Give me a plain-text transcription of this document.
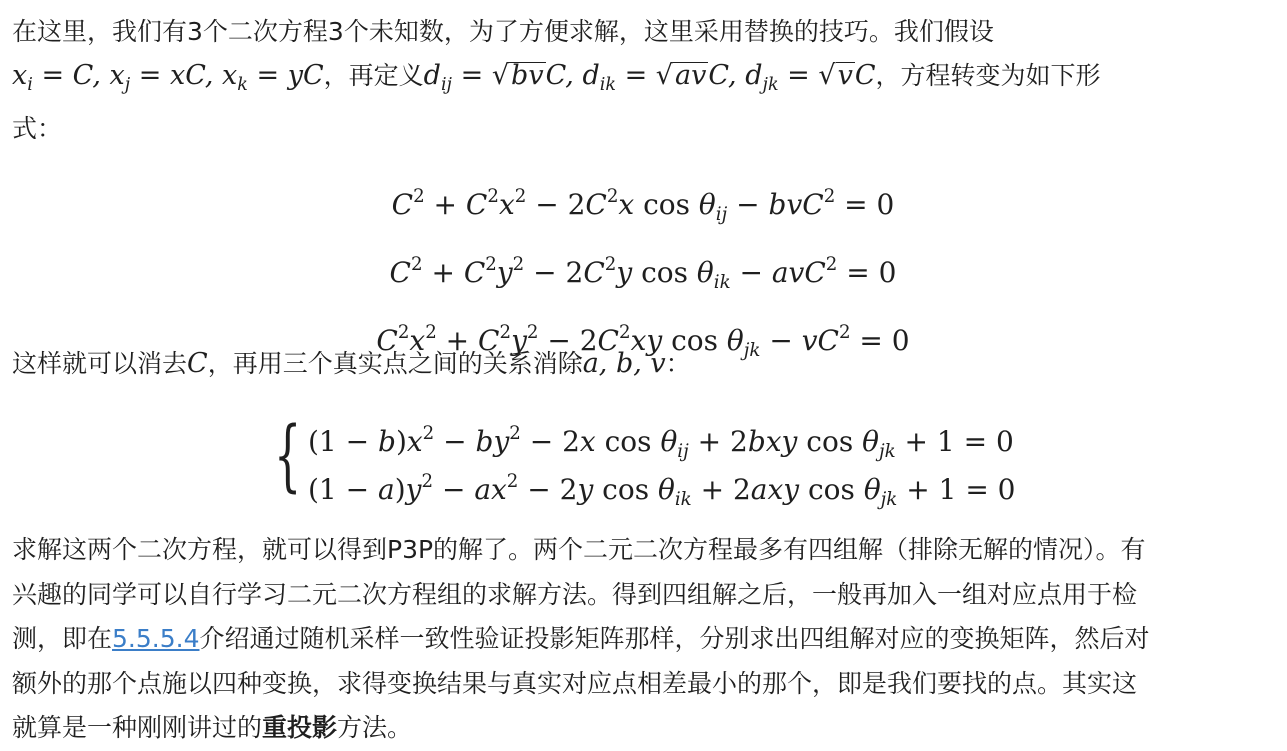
在这里，我们有3个二次方程3个未知数，为了方便求解，这里采用替换的技巧。我们假设

$x_i = C$, $x_j$ = xC, $x_k$ = yC，再定义$d_{ij} = √bvC$, $d_{ik} = √avC$, $d_{jk} = √vC$，方程转变为如下形

式：

$C^2 + C^2x^2 - 2C^2x$ $\cos \theta_{ij} - bvC^2 = 0$
$C^2 + C^2y^2 - 2C^2y$ $\cos \theta_{ik} - avC^2 = 0$
$C^2x^2 + C^2y^2 - 2C^2xy$ $\cos \theta_{jk} - vC^2 = 0$

这样就可以消去C，再用三个真实点之间的关系消除a, b, v：

{ $(1 - b)x^2 - by^2 - 2x$ $\cos \theta_{ij} + 2bxy$ $\cos \theta_{jk} + 1 = 0$
$(1 - a)y^2 - ax^2 - 2y$ $\cos \theta_{ik} + 2axy$ $\cos \theta_{jk} + 1 = 0$

求解这两个二次方程，就可以得到P3P的解了。两个二元二次方程最多有四组解（排除无解的情况）。有

兴趣的同学可以自行学习二元二次方程组的求解方法。得到四组解之后，一般再加入一组对应点用于检

测，即在5.5.5.4介绍通过随机采样一致性验证投影矩阵那样，分别求出四组解对应的变换矩阵，然后对

额外的那个点施以四种变换，求得变换结果与真实对应点相差最小的那个，即是我们要找的点。其实这

就算是一种刚刚讲过的重投影方法。
